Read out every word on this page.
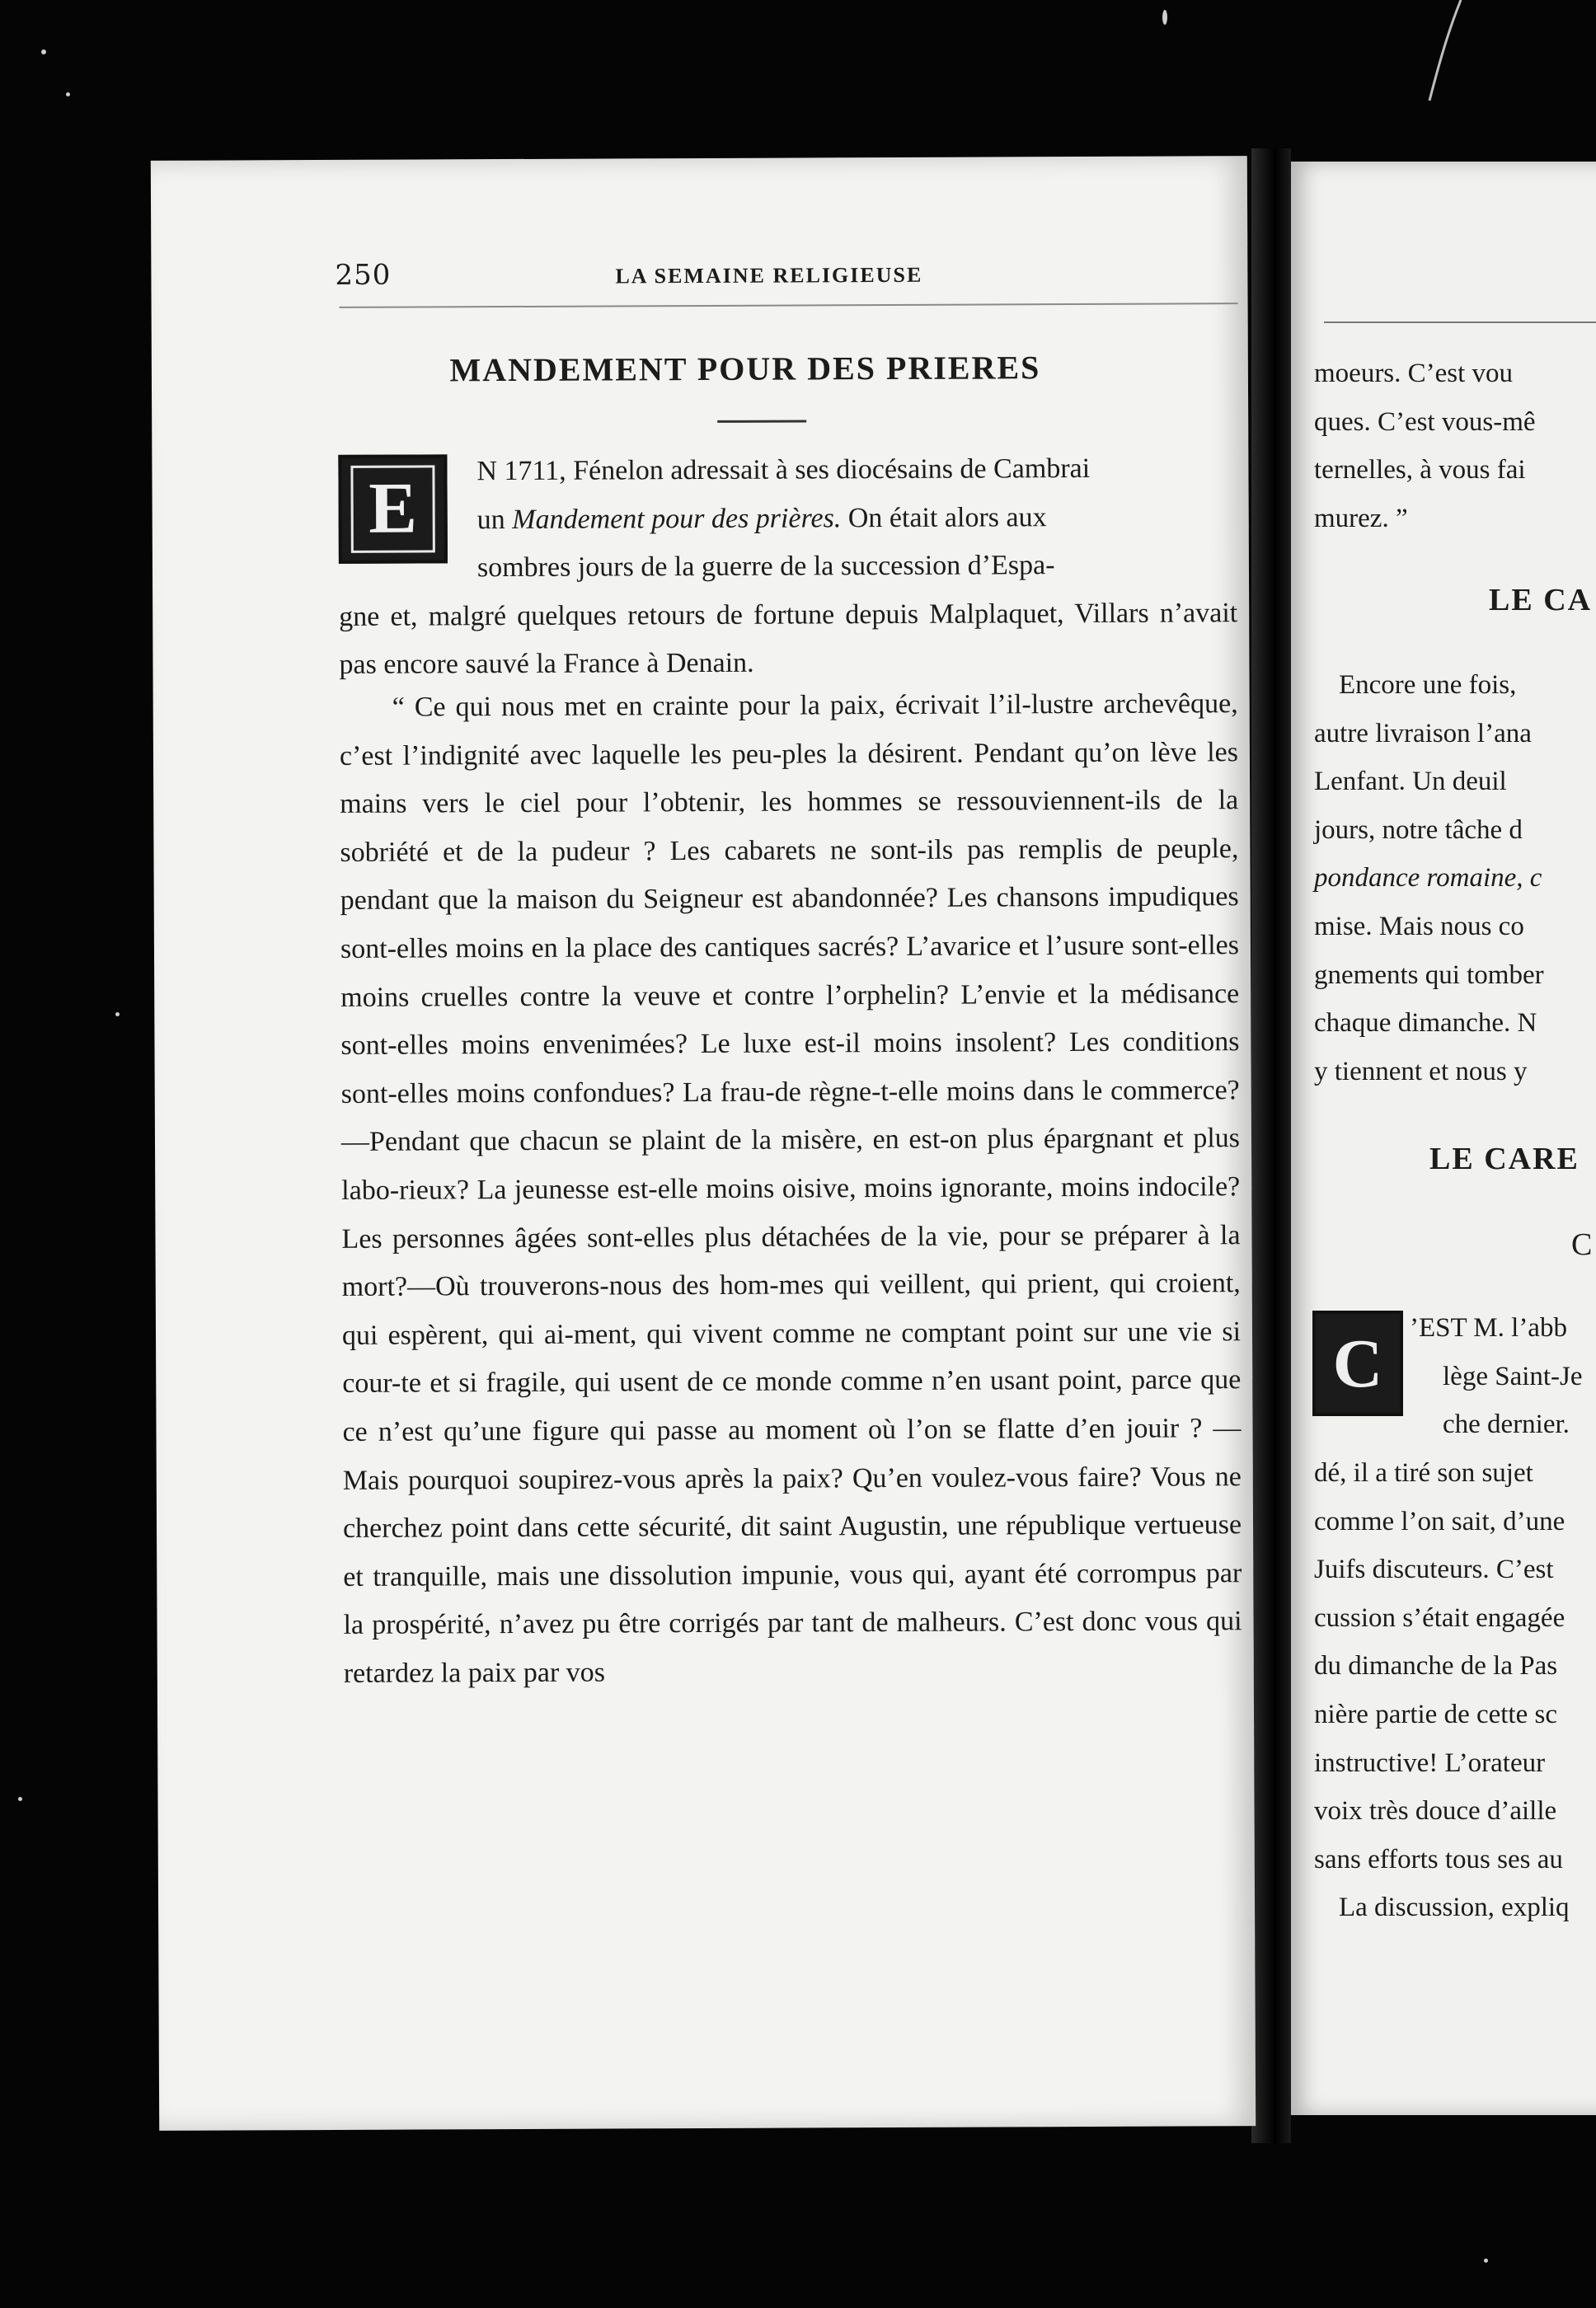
250	LA SEMAINE RELIGIEUSE
MANDEMENT POUR DES PRIERES
E	N 1711, Fénelon adressait à ses diocésains de Cambrai
un Mandement pour des prières. On était alors aux
sombres jours de la guerre de la succession d’Espa-
gne et, malgré quelques retours de fortune depuis Malplaquet, Villars n’avait pas encore sauvé la France à Denain.
“ Ce qui nous met en crainte pour la paix, écrivait l’il-lustre archevêque, c’est l’indignité avec laquelle les peu-ples la désirent. Pendant qu’on lève les mains vers le ciel pour l’obtenir, les hommes se ressouviennent-ils de la sobriété et de la pudeur ? Les cabarets ne sont-ils pas remplis de peuple, pendant que la maison du Seigneur est abandonnée? Les chansons impudiques sont-elles moins en la place des cantiques sacrés? L’avarice et l’usure sont-elles moins cruelles contre la veuve et contre l’orphelin? L’envie et la médisance sont-elles moins envenimées? Le luxe est-il moins insolent? Les conditions sont-elles moins confondues? La frau-de règne-t-elle moins dans le commerce?—Pendant que chacun se plaint de la misère, en est-on plus épargnant et plus labo-rieux? La jeunesse est-elle moins oisive, moins ignorante, moins indocile? Les personnes âgées sont-elles plus détachées de la vie, pour se préparer à la mort?—Où trouverons-nous des hom-mes qui veillent, qui prient, qui croient, qui espèrent, qui ai-ment, qui vivent comme ne comptant point sur une vie si cour-te et si fragile, qui usent de ce monde comme n’en usant point, parce que ce n’est qu’une figure qui passe au moment où l’on se flatte d’en jouir ? — Mais pourquoi soupirez-vous après la paix? Qu’en voulez-vous faire? Vous ne cherchez point dans cette sécurité, dit saint Augustin, une république vertueuse et tranquille, mais une dissolution impunie, vous qui, ayant été corrompus par la prospérité, n’avez pu être corrigés par tant de malheurs. C’est donc vous qui retardez la paix par vos
moeurs. C’est vou
ques. C’est vous-mê
ternelles, à vous fai
murez. ”
LE CA
Encore une fois,
autre livraison l’ana
Lenfant. Un deuil
jours, notre tâche d
pondance romaine, c
mise. Mais nous co
gnements qui tomber
chaque dimanche. N
y tiennent et nous y
LE CARE
C
C ’EST M. l’abb
lège Saint-Je
che dernier.
dé, il a tiré son sujet
comme l’on sait, d’une
Juifs discuteurs. C’est
cussion s’était engagée
du dimanche de la Pas
nière partie de cette sc
instructive! L’orateur
voix très douce d’aille
sans efforts tous ses au
La discussion, expliq
